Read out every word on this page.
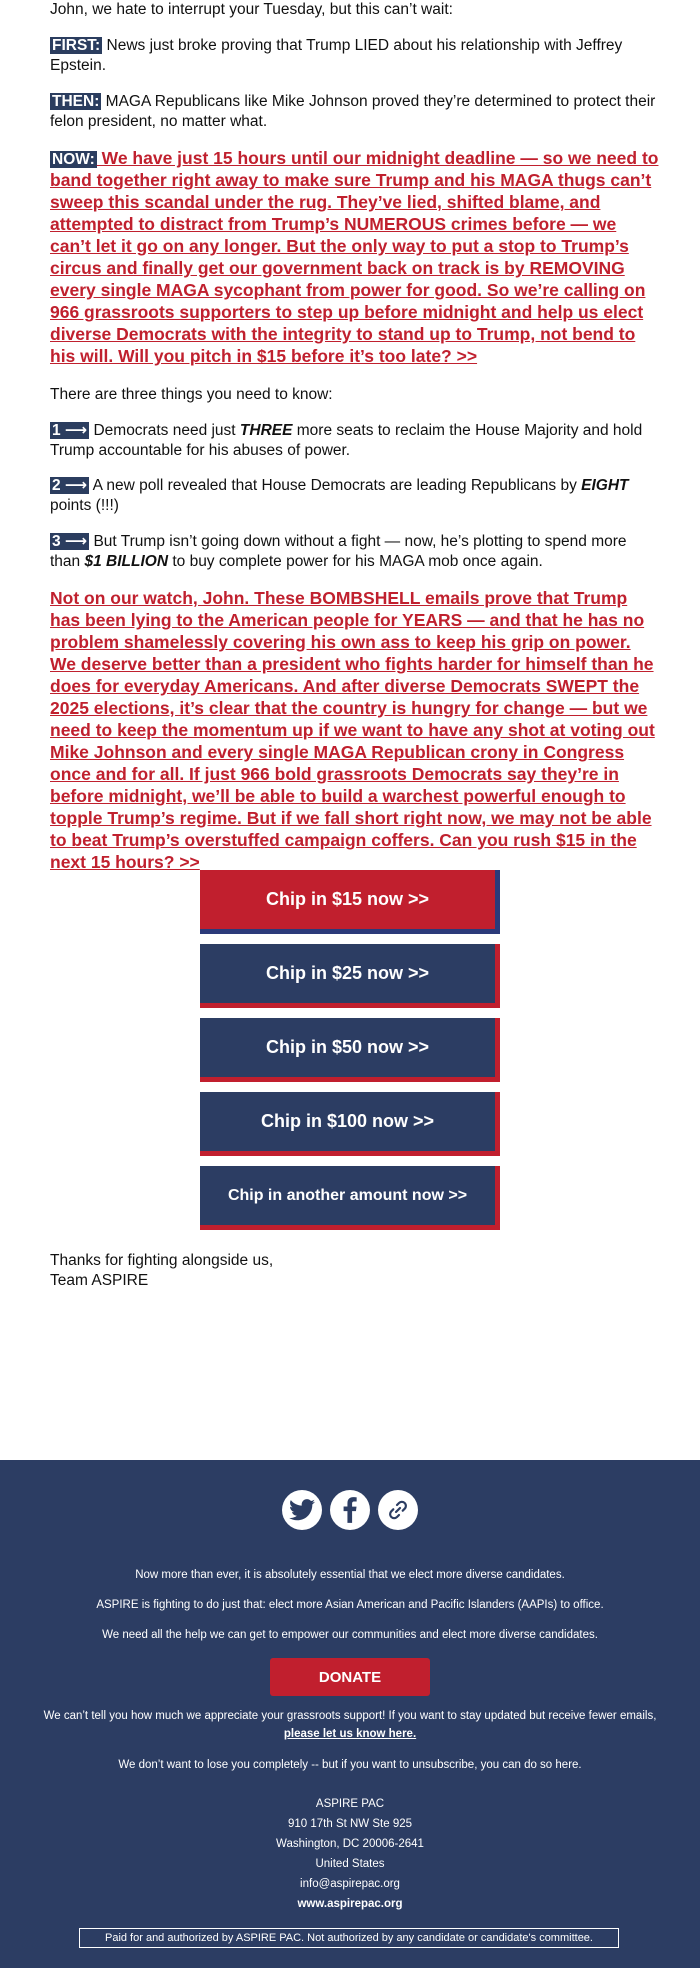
John, we hate to interrupt your Tuesday, but this can’t wait:

FIRST: News just broke proving that Trump LIED about his relationship with Jeffrey Epstein.

THEN: MAGA Republicans like Mike Johnson proved they’re determined to protect their felon president, no matter what.

NOW: We have just 15 hours until our midnight deadline — so we need to band together right away to make sure Trump and his MAGA thugs can’t sweep this scandal under the rug. They’ve lied, shifted blame, and attempted to distract from Trump’s NUMEROUS crimes before — we can’t let it go on any longer. But the only way to put a stop to Trump’s circus and finally get our government back on track is by REMOVING every single MAGA sycophant from power for good. So we’re calling on 966 grassroots supporters to step up before midnight and help us elect diverse Democrats with the integrity to stand up to Trump, not bend to his will. Will you pitch in $15 before it’s too late? >>

There are three things you need to know:

1 ⟶ Democrats need just THREE more seats to reclaim the House Majority and hold Trump accountable for his abuses of power.

2 ⟶ A new poll revealed that House Democrats are leading Republicans by EIGHT points (!!!)

3 ⟶ But Trump isn’t going down without a fight — now, he’s plotting to spend more than $1 BILLION to buy complete power for his MAGA mob once again.

Not on our watch, John. These BOMBSHELL emails prove that Trump has been lying to the American people for YEARS — and that he has no problem shamelessly covering his own ass to keep his grip on power. We deserve better than a president who fights harder for himself than he does for everyday Americans. And after diverse Democrats SWEPT the 2025 elections, it’s clear that the country is hungry for change — but we need to keep the momentum up if we want to have any shot at voting out Mike Johnson and every single MAGA Republican crony in Congress once and for all. If just 966 bold grassroots Democrats say they’re in before midnight, we’ll be able to build a warchest powerful enough to topple Trump’s regime. But if we fall short right now, we may not be able to beat Trump’s overstuffed campaign coffers. Can you rush $15 in the next 15 hours? >>

Chip in $15 now >>
Chip in $25 now >>
Chip in $50 now >>
Chip in $100 now >>
Chip in another amount now >>
Thanks for fighting alongside us,
Team ASPIRE
Now more than ever, it is absolutely essential that we elect more diverse candidates.
ASPIRE is fighting to do just that: elect more Asian American and Pacific Islanders (AAPIs) to office.
We need all the help we can get to empower our communities and elect more diverse candidates.
DONATE
We can’t tell you how much we appreciate your grassroots support! If you want to stay updated but receive fewer emails,
please let us know here.
We don’t want to lose you completely -- but if you want to unsubscribe, you can do so here.
ASPIRE PAC
910 17th St NW Ste 925
Washington, DC 20006-2641
United States
info@aspirepac.org
www.aspirepac.org
Paid for and authorized by ASPIRE PAC. Not authorized by any candidate or candidate's committee.
